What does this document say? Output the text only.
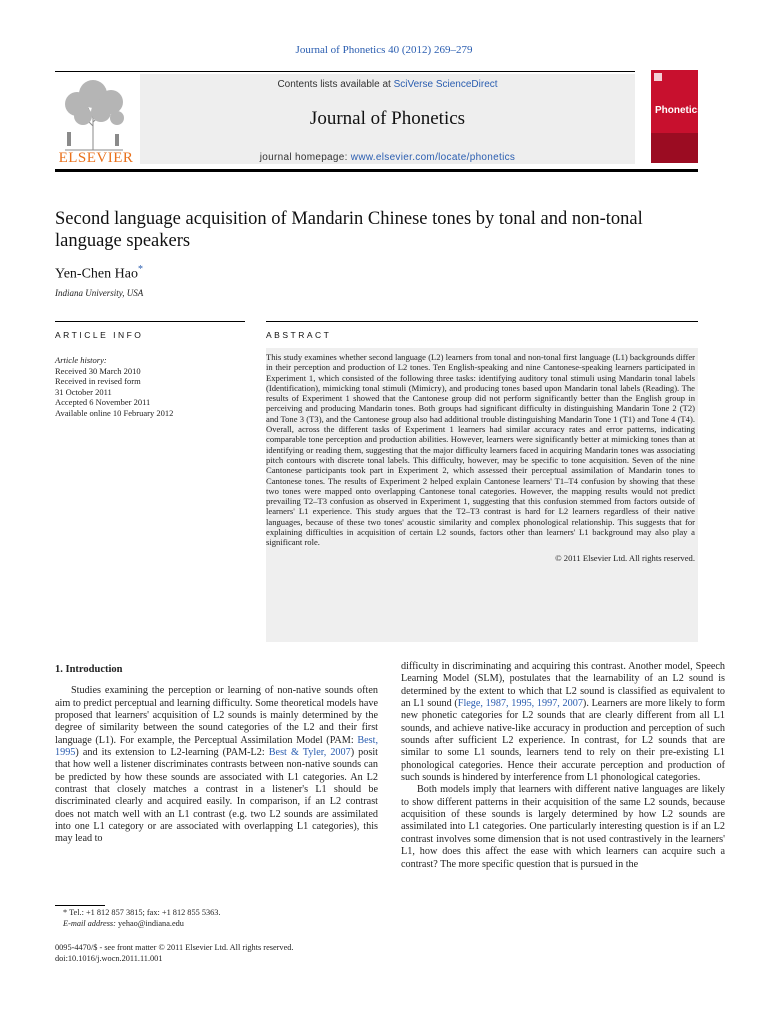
Journal of Phonetics 40 (2012) 269–279
ELSEVIER
Contents lists available at SciVerse ScienceDirect
Journal of Phonetics
journal homepage: www.elsevier.com/locate/phonetics
Phonetics
Second language acquisition of Mandarin Chinese tones by tonal and non-tonal language speakers
Yen-Chen Hao*
Indiana University, USA
ARTICLE INFO	ABSTRACT
Article history:
Received 30 March 2010
Received in revised form
31 October 2011
Accepted 6 November 2011
Available online 10 February 2012
This study examines whether second language (L2) learners from tonal and non-tonal first language (L1) backgrounds differ in their perception and production of L2 tones. Ten English-speaking and nine Cantonese-speaking learners participated in Experiment 1, which consisted of the following three tasks: identifying auditory tonal stimuli using Mandarin tonal labels (Identification), mimicking tonal stimuli (Mimicry), and producing tones based upon Mandarin tonal labels (Reading). The results of Experiment 1 showed that the Cantonese group did not perform significantly better than the English group in perceiving and producing Mandarin tones. Both groups had significant difficulty in distinguishing Mandarin Tone 2 (T2) and Tone 3 (T3), and the Cantonese group also had additional trouble distinguishing Mandarin Tone 1 (T1) and Tone 4 (T4). Overall, across the different tasks of Experiment 1 learners had similar accuracy rates and error patterns, indicating comparable tone perception and production abilities. However, learners were significantly better at mimicking tones than at identifying or reading them, suggesting that the major difficulty learners faced in acquiring Mandarin tones was associating pitch contours with discrete tonal labels. This difficulty, however, may be specific to tone acquisition. Seven of the nine Cantonese participants took part in Experiment 2, which assessed their perceptual assimilation of Mandarin tones to Cantonese tones. The results of Experiment 2 helped explain Cantonese learners' T1–T4 confusion by showing that these two tones were mapped onto overlapping Cantonese tonal categories. However, the mapping results would not predict prevailing T2–T3 confusion as observed in Experiment 1, suggesting that this confusion stemmed from factors outside of learners' L1 experience. This study argues that the T2–T3 contrast is hard for L2 learners regardless of their native languages, because of these two tones' acoustic similarity and complex phonological relationship. This suggests that for explaining difficulties in acquisition of certain L2 sounds, factors other than learners' L1 background may also play a significant role.
© 2011 Elsevier Ltd. All rights reserved.
1. Introduction

Studies examining the perception or learning of non-native sounds often aim to predict perceptual and learning difficulty. Some theoretical models have proposed that learners' acquisition of L2 sounds is mainly determined by the degree of similarity between the sound categories of the L2 and their first language (L1). For example, the Perceptual Assimilation Model (PAM: Best, 1995) and its extension to L2-learning (PAM-L2: Best & Tyler, 2007) posit that how well a listener discriminates contrasts between non-native sounds can be predicted by how these sounds are associated with L1 categories. An L2 contrast that closely matches a contrast in a listener's L1 should be discriminated clearly and acquired easily. In comparison, if an L2 contrast does not match well with an L1 contrast (e.g. two L2 sounds are assimilated into one L1 category or are associated with overlapping L1 categories), this may lead to

difficulty in discriminating and acquiring this contrast. Another model, Speech Learning Model (SLM), postulates that the learnability of an L2 sound is determined by the extent to which that L2 sound is classified as equivalent to an L1 sound (Flege, 1987, 1995, 1997, 2007). Learners are more likely to form new phonetic categories for L2 sounds that are clearly different from all L1 sounds, and achieve native-like accuracy in production and perception of such sounds after sufficient L2 experience. In contrast, for L2 sounds that are similar to some L1 sounds, learners tend to rely on their pre-existing L1 phonological categories. Hence their accurate perception and production of such sounds is hindered by interference from L1 phonological categories.

Both models imply that learners with different native languages are likely to show different patterns in their acquisition of the same L2 sounds, because acquisition of these sounds is largely determined by how L2 sounds are assimilated into L1 categories. One particularly interesting question is if an L2 contrast involves some dimension that is not used contrastively in the learners' L1, how does this affect the ease with which learners can acquire such a contrast? The more specific question that is pursued in the

* Tel.: +1 812 857 3815; fax: +1 812 855 5363.
E-mail address: yehao@indiana.edu
0095-4470/$ - see front matter © 2011 Elsevier Ltd. All rights reserved.
doi:10.1016/j.wocn.2011.11.001
